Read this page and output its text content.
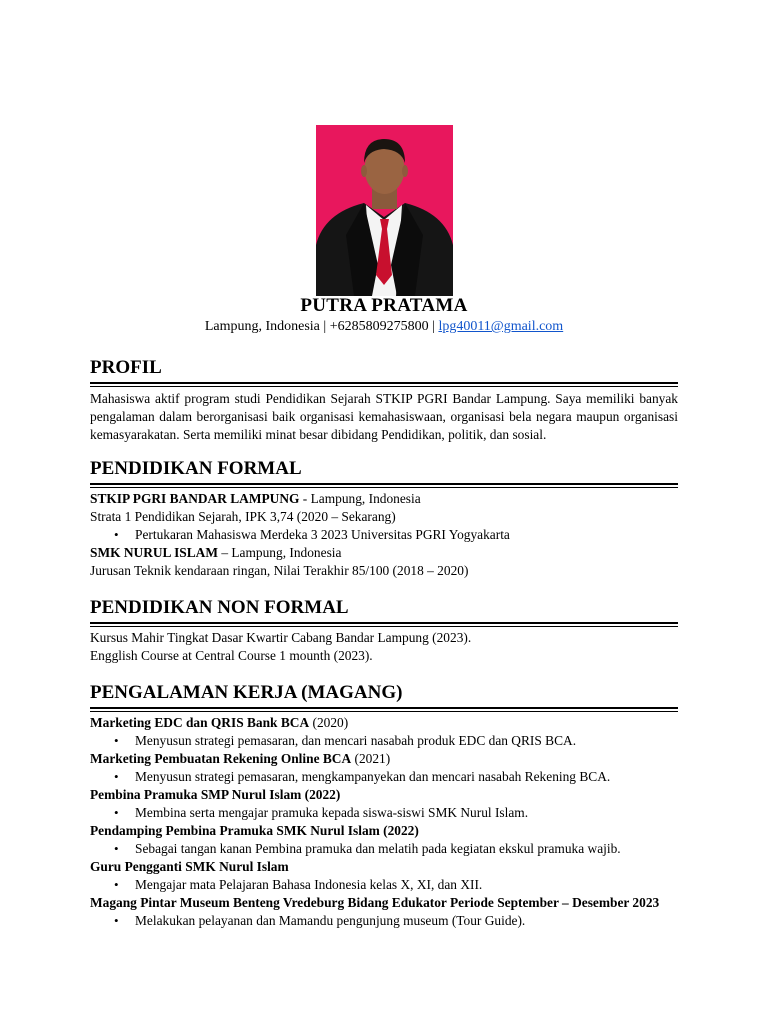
PUTRA PRATAMA
Lampung, Indonesia | +6285809275800 | lpg40011@gmail.com
PROFIL
Mahasiswa aktif program studi Pendidikan Sejarah STKIP PGRI Bandar Lampung. Saya memiliki banyak pengalaman dalam berorganisasi baik organisasi kemahasiswaan, organisasi bela negara maupun organisasi kemasyarakatan. Serta memiliki minat besar dibidang Pendidikan, politik, dan sosial.
PENDIDIKAN FORMAL
STKIP PGRI BANDAR LAMPUNG - Lampung, Indonesia
Strata 1 Pendidikan Sejarah, IPK 3,74 (2020 – Sekarang)
• Pertukaran Mahasiswa Merdeka 3 2023 Universitas PGRI Yogyakarta
SMK NURUL ISLAM – Lampung, Indonesia
Jurusan Teknik kendaraan ringan, Nilai Terakhir 85/100 (2018 – 2020)
PENDIDIKAN NON FORMAL
Kursus Mahir Tingkat Dasar Kwartir Cabang Bandar Lampung (2023).
Engglish Course at Central Course 1 mounth (2023).
PENGALAMAN KERJA (MAGANG)
Marketing EDC dan QRIS Bank BCA (2020)
• Menyusun strategi pemasaran, dan mencari nasabah produk EDC dan QRIS BCA.
Marketing Pembuatan Rekening Online BCA (2021)
• Menyusun strategi pemasaran, mengkampanyekan dan mencari nasabah Rekening BCA.
Pembina Pramuka SMP Nurul Islam (2022)
• Membina serta mengajar pramuka kepada siswa-siswi SMK Nurul Islam.
Pendamping Pembina Pramuka SMK Nurul Islam (2022)
• Sebagai tangan kanan Pembina pramuka dan melatih pada kegiatan ekskul pramuka wajib.
Guru Pengganti SMK Nurul Islam
• Mengajar mata Pelajaran Bahasa Indonesia kelas X, XI, dan XII.
Magang Pintar Museum Benteng Vredeburg Bidang Edukator Periode September – Desember 2023
• Melakukan pelayanan dan Mamandu pengunjung museum (Tour Guide).
